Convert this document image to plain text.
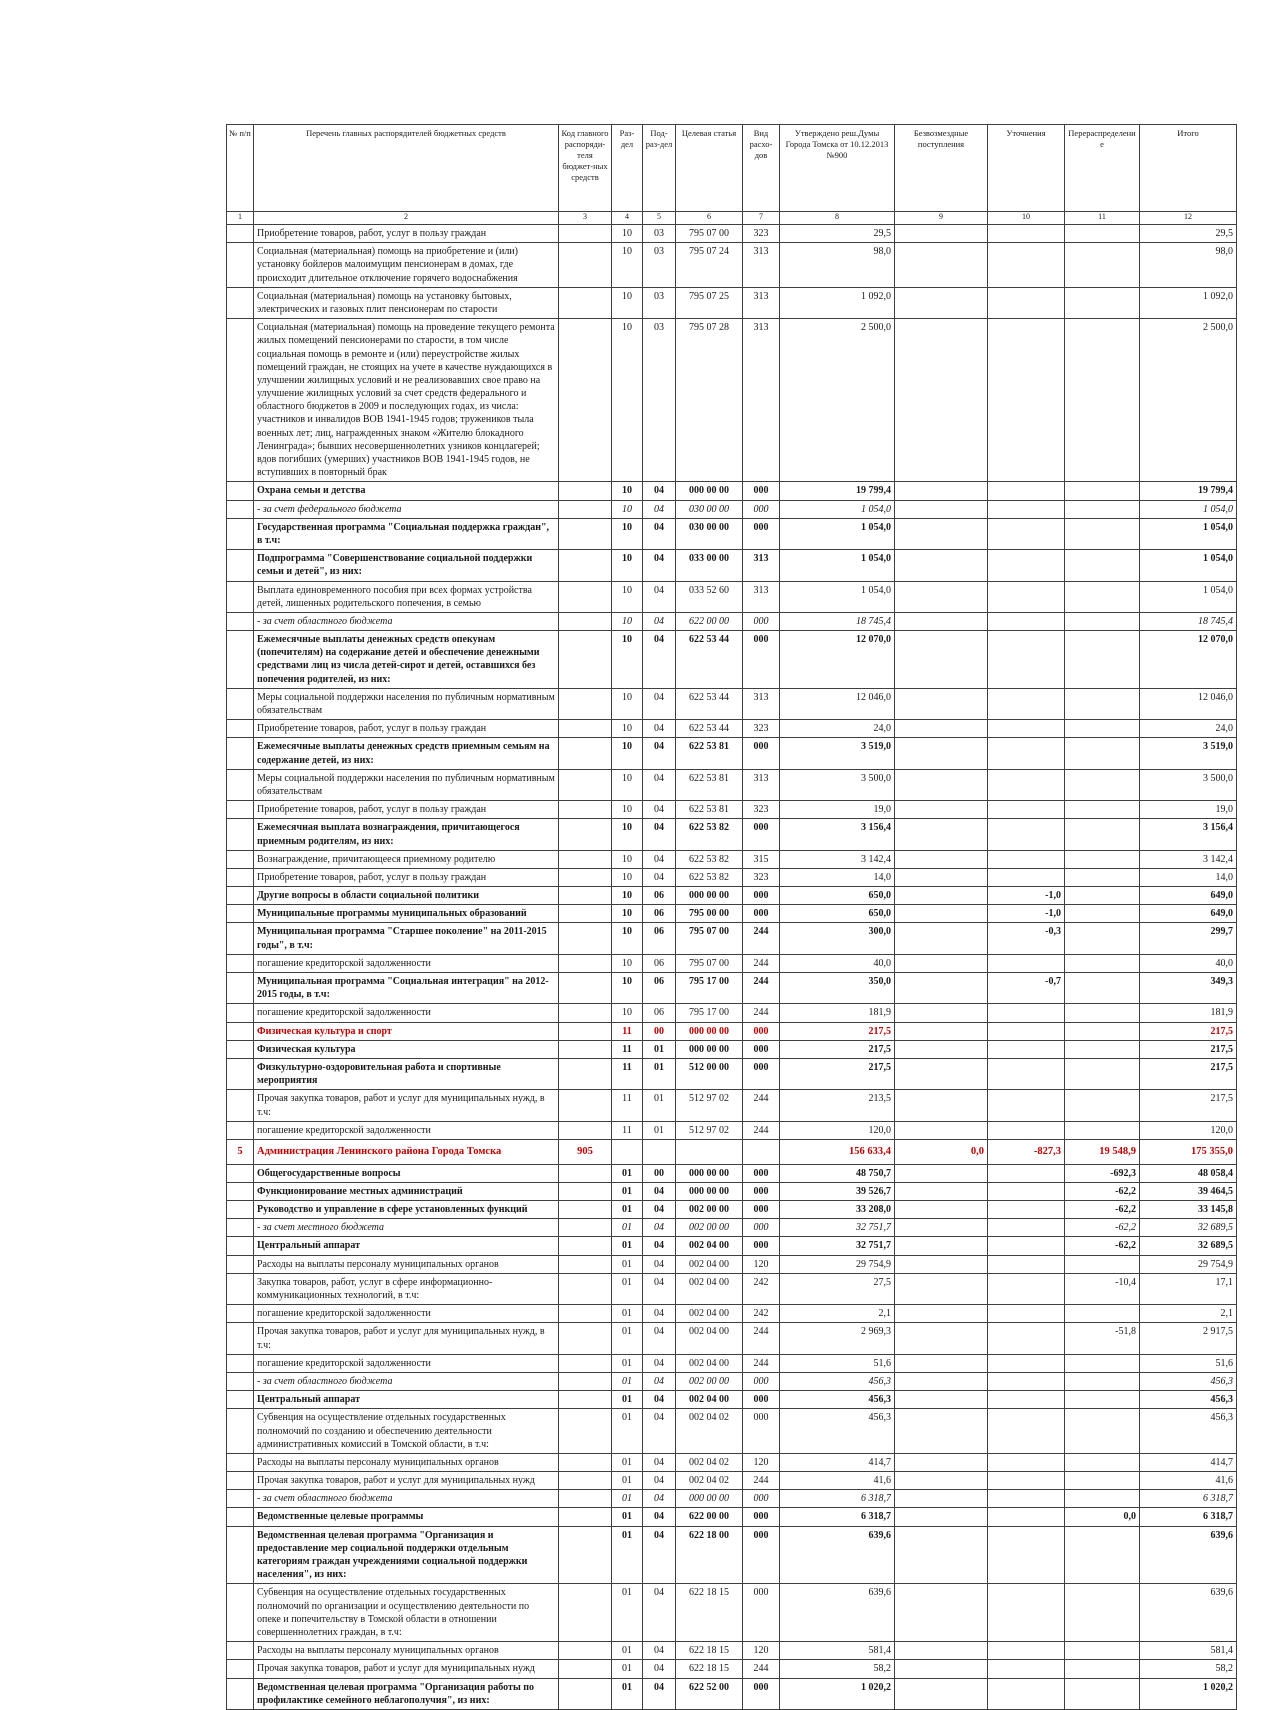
№ п/п	Перечень главных распорядителей бюджетных средств	Код главного распоряди-теля бюджет-ных средств	Раз-дел	Под-раз-дел	Целевая статья	Вид расхо-дов	Утверждено реш.Думы Города Томска от 10.12.2013 №900	Безвозмездные поступления	Уточнения	Перераспределение	Итого
1	2	3	4	5	6	7	8	9	10	11	12
	Приобретение товаров, работ, услуг в пользу граждан		10	03	795 07 00	323	29,5				29,5
	Социальная (материальная) помощь на приобретение и (или) установку бойлеров малоимущим пенсионерам в домах, где происходит длительное отключение горячего водоснабжения		10	03	795 07 24	313	98,0				98,0
	Социальная (материальная) помощь на установку бытовых, электрических и газовых плит пенсионерам по старости		10	03	795 07 25	313	1 092,0				1 092,0
	Социальная (материальная) помощь на проведение текущего ремонта жилых помещений пенсионерами по старости, в том числе социальная помощь в ремонте и (или) переустройстве жилых помещений граждан, не стоящих на учете в качестве нуждающихся в улучшении жилищных условий и не реализовавших свое право на улучшение жилищных условий за счет средств федерального и областного бюджетов в 2009 и последующих годах, из числа: участников и инвалидов ВОВ 1941-1945 годов; тружеников тыла военных лет; лиц, награжденных знаком «Жителю блокадного Ленинграда»; бывших несовершеннолетних узников концлагерей; вдов погибших (умерших) участников ВОВ 1941-1945 годов, не вступивших в повторный брак		10	03	795 07 28	313	2 500,0				2 500,0
	Охрана семьи и детства		10	04	000 00 00	000	19 799,4				19 799,4
	- за счет федерального бюджета		10	04	030 00 00	000	1 054,0				1 054,0
	Государственная программа "Социальная поддержка граждан", в т.ч:		10	04	030 00 00	000	1 054,0				1 054,0
	Подпрограмма "Совершенствование социальной поддержки семьи и детей", из них:		10	04	033 00 00	313	1 054,0				1 054,0
	Выплата единовременного пособия при всех формах устройства детей, лишенных родительского попечения, в семью		10	04	033 52 60	313	1 054,0				1 054,0
	- за счет областного бюджета		10	04	622 00 00	000	18 745,4				18 745,4
	Ежемесячные выплаты денежных средств опекунам (попечителям) на содержание детей и обеспечение денежными средствами лиц из числа детей-сирот и детей, оставшихся без попечения родителей, из них:		10	04	622 53 44	000	12 070,0				12 070,0
	Меры социальной поддержки населения по публичным нормативным обязательствам		10	04	622 53 44	313	12 046,0				12 046,0
	Приобретение товаров, работ, услуг в пользу граждан		10	04	622 53 44	323	24,0				24,0
	Ежемесячные выплаты денежных средств приемным семьям на содержание детей, из них:		10	04	622 53 81	000	3 519,0				3 519,0
	Меры социальной поддержки населения по публичным нормативным обязательствам		10	04	622 53 81	313	3 500,0				3 500,0
	Приобретение товаров, работ, услуг в пользу граждан		10	04	622 53 81	323	19,0				19,0
	Ежемесячная выплата вознаграждения, причитающегося приемным родителям, из них:		10	04	622 53 82	000	3 156,4				3 156,4
	Вознаграждение, причитающееся приемному родителю		10	04	622 53 82	315	3 142,4				3 142,4
	Приобретение товаров, работ, услуг в пользу граждан		10	04	622 53 82	323	14,0				14,0
	Другие вопросы в области социальной политики		10	06	000 00 00	000	650,0		-1,0		649,0
	Муниципальные программы муниципальных образований		10	06	795 00 00	000	650,0		-1,0		649,0
	Муниципальная программа "Старшее поколение" на 2011-2015 годы", в т.ч:		10	06	795 07 00	244	300,0		-0,3		299,7
	погашение кредиторской задолженности		10	06	795 07 00	244	40,0				40,0
	Муниципальная программа "Социальная интеграция" на 2012-2015 годы, в т.ч:		10	06	795 17 00	244	350,0		-0,7		349,3
	погашение кредиторской задолженности		10	06	795 17 00	244	181,9				181,9
	Физическая культура и спорт		11	00	000 00 00	000	217,5				217,5
	Физическая культура		11	01	000 00 00	000	217,5				217,5
	Физкультурно-оздоровительная работа и спортивные мероприятия		11	01	512 00 00	000	217,5				217,5
	Прочая закупка товаров, работ и услуг для муниципальных нужд, в т.ч:		11	01	512 97 02	244	213,5				217,5
	погашение кредиторской задолженности		11	01	512 97 02	244	120,0				120,0
5	Администрация Ленинского района Города Томска	905					156 633,4	0,0	-827,3	19 548,9	175 355,0
	Общегосударственные вопросы		01	00	000 00 00	000	48 750,7			-692,3	48 058,4
	Функционирование местных администраций		01	04	000 00 00	000	39 526,7			-62,2	39 464,5
	Руководство и управление в сфере установленных функций		01	04	002 00 00	000	33 208,0			-62,2	33 145,8
	- за счет местного бюджета		01	04	002 00 00	000	32 751,7			-62,2	32 689,5
	Центральный аппарат		01	04	002 04 00	000	32 751,7			-62,2	32 689,5
	Расходы на выплаты персоналу муниципальных органов		01	04	002 04 00	120	29 754,9				29 754,9
	Закупка товаров, работ, услуг в сфере информационно-коммуникационных технологий, в т.ч:		01	04	002 04 00	242	27,5			-10,4	17,1
	погашение кредиторской задолженности		01	04	002 04 00	242	2,1				2,1
	Прочая закупка товаров, работ и услуг для муниципальных нужд, в т.ч:		01	04	002 04 00	244	2 969,3			-51,8	2 917,5
	погашение кредиторской задолженности		01	04	002 04 00	244	51,6				51,6
	- за счет областного бюджета		01	04	002 00 00	000	456,3				456,3
	Центральный аппарат		01	04	002 04 00	000	456,3				456,3
	Субвенция на осуществление отдельных государственных полномочий по созданию и обеспечению деятельности административных комиссий в Томской области, в т.ч:		01	04	002 04 02	000	456,3				456,3
	Расходы на выплаты персоналу муниципальных органов		01	04	002 04 02	120	414,7				414,7
	Прочая закупка товаров, работ и услуг для муниципальных нужд		01	04	002 04 02	244	41,6				41,6
	- за счет областного бюджета		01	04	000 00 00	000	6 318,7				6 318,7
	Ведомственные целевые программы		01	04	622 00 00	000	6 318,7			0,0	6 318,7
	Ведомственная целевая программа "Организация и предоставление мер социальной поддержки отдельным категориям граждан учреждениями социальной поддержки населения", из них:		01	04	622 18 00	000	639,6				639,6
	Субвенция на осуществление отдельных государственных полномочий по организации и осуществлению деятельности по опеке и попечительству в Томской области в отношении совершеннолетних граждан, в т.ч:		01	04	622 18 15	000	639,6				639,6
	Расходы на выплаты персоналу муниципальных органов		01	04	622 18 15	120	581,4				581,4
	Прочая закупка товаров, работ и услуг для муниципальных нужд		01	04	622 18 15	244	58,2				58,2
	Ведомственная целевая программа "Организация работы по профилактике семейного неблагополучия", из них:		01	04	622 52 00	000	1 020,2				1 020,2
